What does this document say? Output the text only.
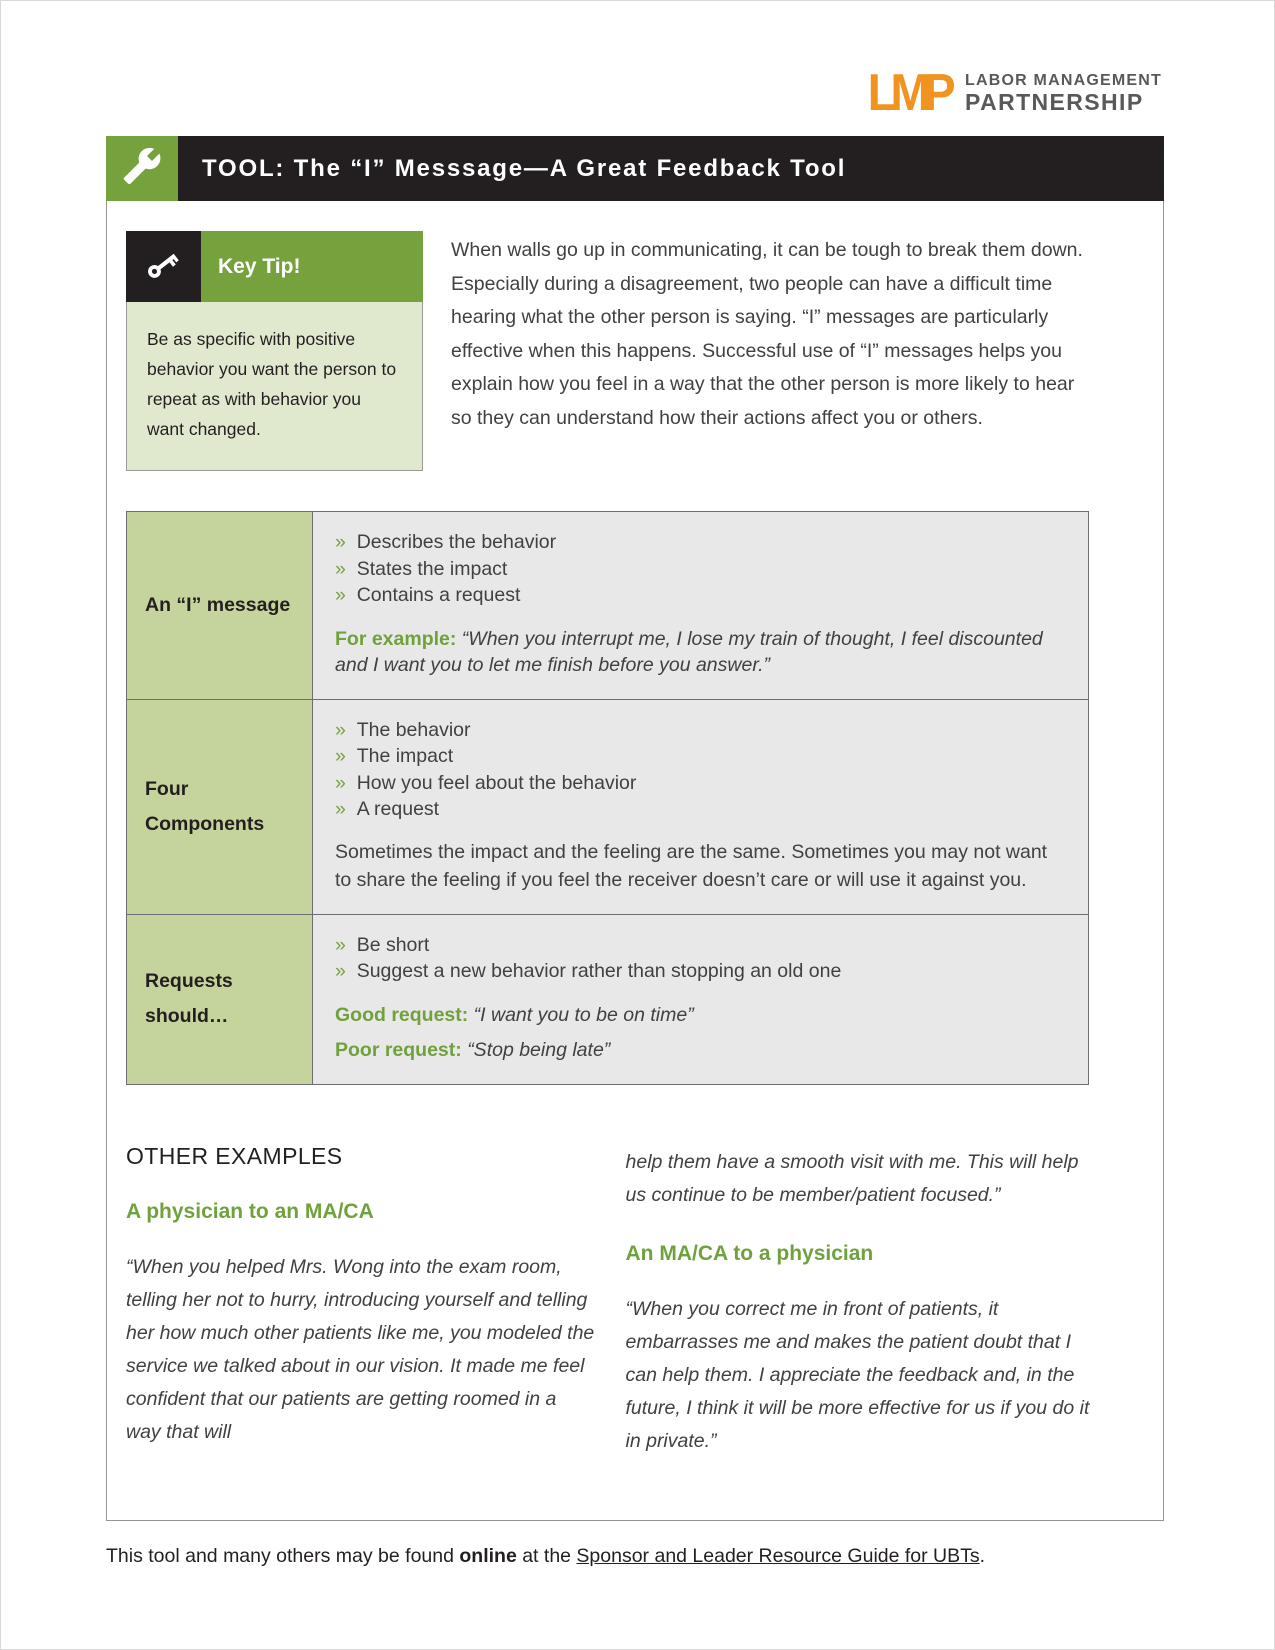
LMP LABOR MANAGEMENT
PARTNERSHIP
TOOL: The “I” Messsage—A Great Feedback Tool
Key Tip!
Be as specific with positive behavior you want the person to repeat as with behavior you want changed.
When walls go up in communicating, it can be tough to break them down. Especially during a disagreement, two people can have a difficult time hearing what the other person is saying. “I” messages are particularly effective when this happens. Successful use of “I” messages helps you explain how you feel in a way that the other person is more likely to hear so they can understand how their actions affect you or others.
An “I” message

»  Describes the behavior

»  States the impact

»  Contains a request

For example: “When you interrupt me, I lose my train of thought, I feel discounted and I want you to let me finish before you answer.”

Four Components

»  The behavior

»  The impact

»  How you feel about the behavior

»  A request

Sometimes the impact and the feeling are the same. Sometimes you may not want to share the feeling if you feel the receiver doesn’t care or will use it against you.

Requests should…

»  Be short

»  Suggest a new behavior rather than stopping an old one

Good request: “I want you to be on time”

Poor request: “Stop being late”

OTHER EXAMPLES

A physician to an MA/CA

“When you helped Mrs. Wong into the exam room, telling her not to hurry, introducing yourself and telling her how much other patients like me, you modeled the service we talked about in our vision. It made me feel confident that our patients are getting roomed in a way that will

help them have a smooth visit with me. This will help us continue to be member/patient focused.”

An MA/CA to a physician

“When you correct me in front of patients, it embarrasses me and makes the patient doubt that I can help them. I appreciate the feedback and, in the future, I think it will be more effective for us if you do it in private.”

This tool and many others may be found online at the Sponsor and Leader Resource Guide for UBTs.
